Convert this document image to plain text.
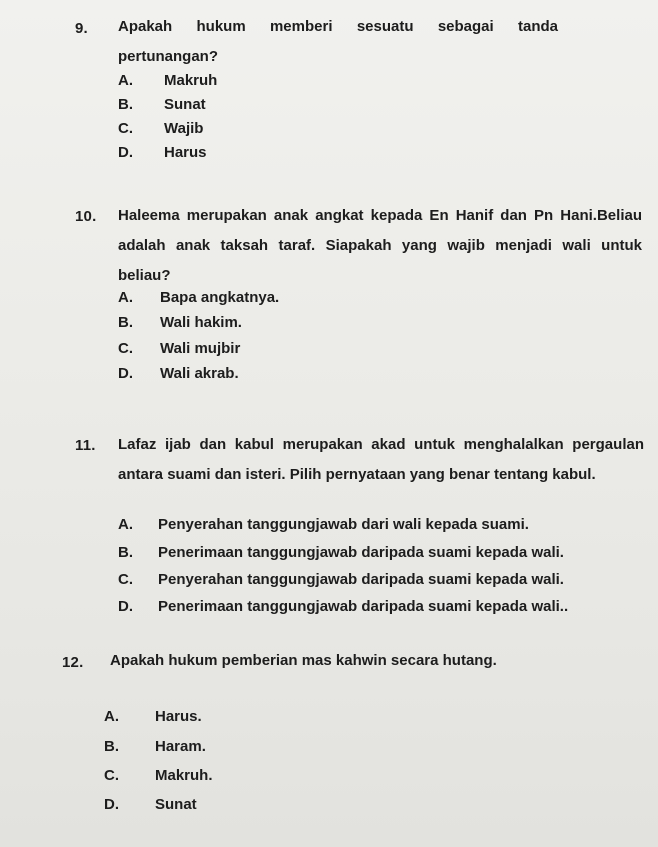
9. Apakah hukum memberi sesuatu sebagai tanda pertunangan?
A. Makruh
B. Sunat
C. Wajib
D. Harus
10. Haleema merupakan anak angkat kepada En Hanif dan Pn Hani.Beliau
adalah anak taksah taraf. Siapakah yang wajib menjadi wali untuk beliau?
A. Bapa angkatnya.
B. Wali hakim.
C. Wali mujbir
D. Wali akrab.
11. Lafaz ijab dan kabul merupakan akad untuk menghalalkan pergaulan
antara suami dan isteri. Pilih pernyataan yang benar tentang kabul.
A. Penyerahan tanggungjawab dari wali kepada suami.
B. Penerimaan tanggungjawab daripada suami kepada wali.
C. Penyerahan tanggungjawab daripada suami kepada wali.
D. Penerimaan tanggungjawab daripada suami kepada wali..
12. Apakah hukum pemberian mas kahwin secara hutang.
A. Harus.
B. Haram.
C. Makruh.
D. Sunat
